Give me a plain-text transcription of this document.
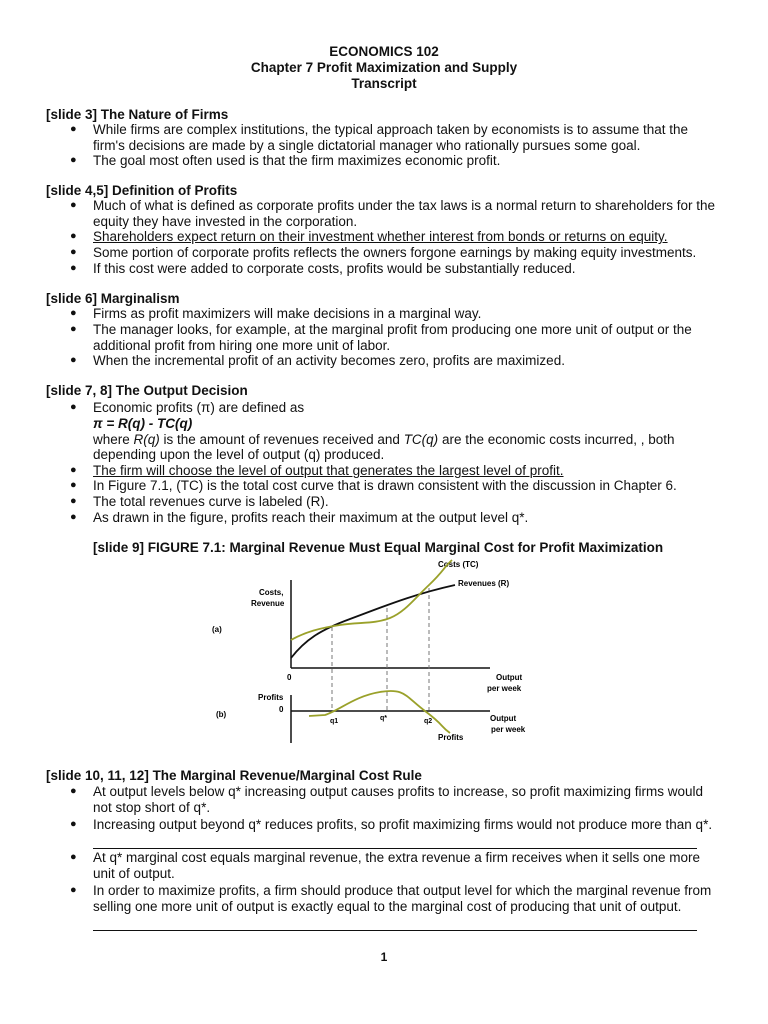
ECONOMICS 102
Chapter 7 Profit Maximization and Supply
Transcript
[slide 3] The Nature of Firms
●	While firms are complex institutions, the typical approach taken by economists is to assume that the firm's decisions are made by a single dictatorial manager who rationally pursues some goal.
●	The goal most often used is that the firm maximizes economic profit.
[slide 4,5] Definition of Profits
●	Much of what is defined as corporate profits under the tax laws is a normal return to shareholders for the equity they have invested in the corporation.
●	Shareholders expect return on their investment whether interest from bonds or returns on equity.
●	Some portion of corporate profits reflects the owners forgone earnings by making equity investments.
●	If this cost were added to corporate costs, profits would be substantially reduced.
[slide 6] Marginalism
●	Firms as profit maximizers will make decisions in a marginal way.
●	The manager looks, for example, at the marginal profit from producing one more unit of output or the additional profit from hiring one more unit of labor.
●	When the incremental profit of an activity becomes zero, profits are maximized.
[slide 7, 8] The Output Decision
●	Economic profits (π) are defined as
π = R(q) - TC(q)
where R(q) is the amount of revenues received and TC(q) are the economic costs incurred, , both
depending upon the level of output (q) produced.
●	The firm will choose the level of output that generates the largest level of profit.
●	In Figure 7.1, (TC) is the total cost curve that is drawn consistent with the discussion in Chapter 6.
●	The total revenues curve is labeled (R).
●	As drawn in the figure, profits reach their maximum at the output level q*.
[slide 9] FIGURE 7.1: Marginal Revenue Must Equal Marginal Cost for Profit Maximization
Costs,
Revenue
(a)
0	Output
per week
Costs (TC)
Revenues (R)
Profits
0
(b)
q1	q*	q2	Output
per week
Profits
[slide 10, 11, 12] The Marginal Revenue/Marginal Cost Rule
●	At output levels below q* increasing output causes profits to increase, so profit maximizing firms would not stop short of q*.
●	Increasing output beyond q* reduces profits, so profit maximizing firms would not produce more than q*.
●	At q* marginal cost equals marginal revenue, the extra revenue a firm receives when it sells one more unit of output.
●	In order to maximize profits, a firm should produce that output level for which the marginal revenue from selling one more unit of output is exactly equal to the marginal cost of producing that unit of output.
1
